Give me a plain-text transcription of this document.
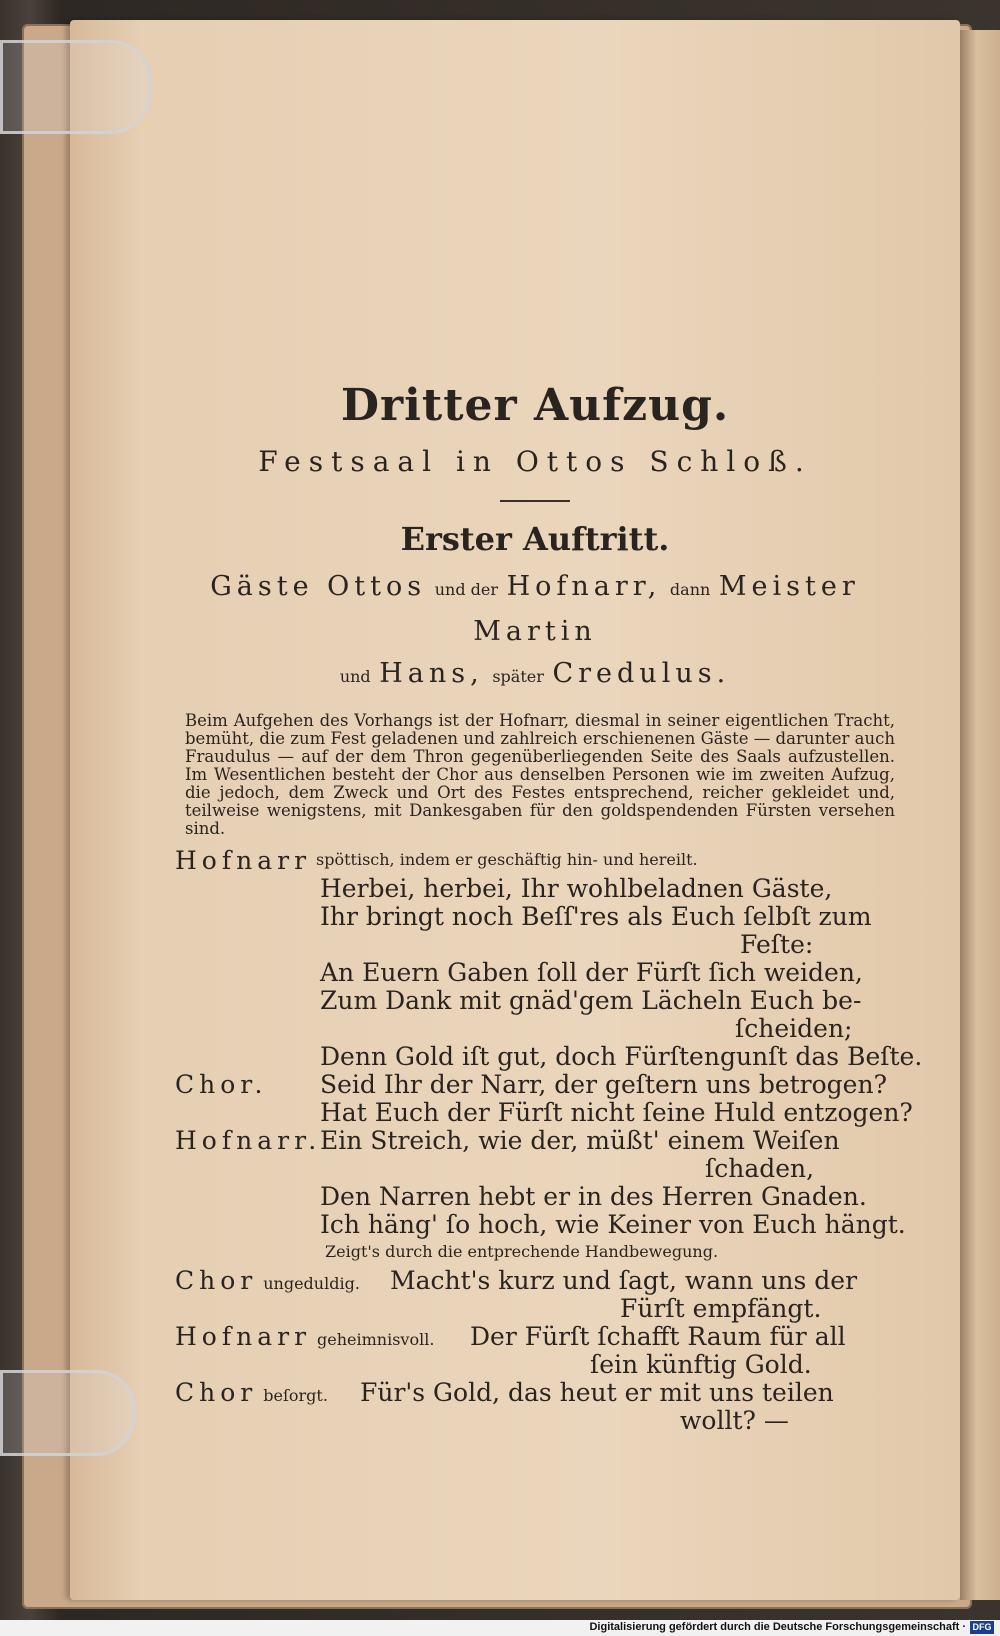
Dritter Aufzug.
Festsaal in Ottos Schloß.
Erster Auftritt.
Gäste Ottos und der Hofnarr, dann Meister Martin
und Hans, später Credulus.
Beim Aufgehen des Vorhangs ist der Hofnarr, diesmal in seiner eigentlichen Tracht, bemüht, die zum Fest geladenen und zahlreich erschienenen Gäste — darunter auch Fraudulus — auf der dem Thron gegenüberliegenden Seite des Saals aufzustellen. Im Wesentlichen besteht der Chor aus denselben Personen wie im zweiten Aufzug, die jedoch, dem Zweck und Ort des Festes entsprechend, reicher gekleidet und, teilweise wenigstens, mit Dankesgaben für den goldspendenden Fürsten versehen sind.
Hofnarr spöttisch, indem er geschäftig hin- und hereilt.
Herbei, herbei, Ihr wohlbeladnen Gäste,
Ihr bringt noch Beſſ'res als Euch ſelbſt zum
Feſte:
An Euern Gaben ſoll der Fürſt ſich weiden,
Zum Dank mit gnäd'gem Lächeln Euch be-
ſcheiden;
Denn Gold iſt gut, doch Fürſtengunſt das Beſte.
Chor. Seid Ihr der Narr, der geſtern uns betrogen?
Hat Euch der Fürſt nicht ſeine Huld entzogen?
Hofnarr.
Ein Streich, wie der, müßt' einem Weiſen
ſchaden,
Den Narren hebt er in des Herren Gnaden.
Ich häng' ſo hoch, wie Keiner von Euch hängt.
Zeigt's durch die entprechende Handbewegung.
Chor ungeduldig. Macht's kurz und ſagt, wann uns der
Fürſt empfängt.
Hofnarr geheimnisvoll. Der Fürſt ſchafft Raum für all
ſein künftig Gold.
Chor beſorgt. Für's Gold, das heut er mit uns teilen
wollt? —
Digitalisierung gefördert durch die Deutsche Forschungsgemeinschaft · DFG
